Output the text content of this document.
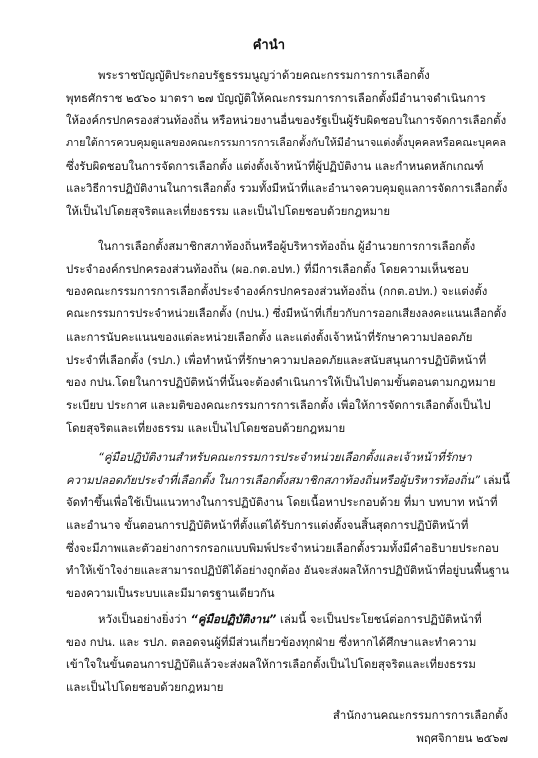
คำนำ
พระราชบัญญัติประกอบรัฐธรรมนูญว่าด้วยคณะกรรมการการเลือกตั้ง
พุทธศักราช ๒๕๖๐ มาตรา ๒๗ บัญญัติให้คณะกรรมการการเลือกตั้งมีอำนาจดำเนินการ
ให้องค์กรปกครองส่วนท้องถิ่น หรือหน่วยงานอื่นของรัฐเป็นผู้รับผิดชอบในการจัดการเลือกตั้ง
ภายใต้การควบคุมดูแลของคณะกรรมการการเลือกตั้งกับให้มีอำนาจแต่งตั้งบุคคลหรือคณะบุคคล
ซึ่งรับผิดชอบในการจัดการเลือกตั้ง แต่งตั้งเจ้าหน้าที่ผู้ปฏิบัติงาน และกำหนดหลักเกณฑ์
และวิธีการปฏิบัติงานในการเลือกตั้ง รวมทั้งมีหน้าที่และอำนาจควบคุมดูแลการจัดการเลือกตั้ง
ให้เป็นไปโดยสุจริตและเที่ยงธรรม และเป็นไปโดยชอบด้วยกฎหมาย
ในการเลือกตั้งสมาชิกสภาท้องถิ่นหรือผู้บริหารท้องถิ่น ผู้อำนวยการการเลือกตั้ง
ประจำองค์กรปกครองส่วนท้องถิ่น (ผอ.กต.อปท.) ที่มีการเลือกตั้ง โดยความเห็นชอบ
ของคณะกรรมการการเลือกตั้งประจำองค์กรปกครองส่วนท้องถิ่น (กกต.อปท.) จะแต่งตั้ง
คณะกรรมการประจำหน่วยเลือกตั้ง (กปน.) ซึ่งมีหน้าที่เกี่ยวกับการออกเสียงลงคะแนนเลือกตั้ง
และการนับคะแนนของแต่ละหน่วยเลือกตั้ง และแต่งตั้งเจ้าหน้าที่รักษาความปลอดภัย
ประจำที่เลือกตั้ง (รปภ.) เพื่อทำหน้าที่รักษาความปลอดภัยและสนับสนุนการปฏิบัติหน้าที่
ของ กปน.โดยในการปฏิบัติหน้าที่นั้นจะต้องดำเนินการให้เป็นไปตามขั้นตอนตามกฎหมาย
ระเบียบ ประกาศ และมติของคณะกรรมการการเลือกตั้ง เพื่อให้การจัดการเลือกตั้งเป็นไป
โดยสุจริตและเที่ยงธรรม และเป็นไปโดยชอบด้วยกฎหมาย
“คู่มือปฏิบัติงานสำหรับคณะกรรมการประจำหน่วยเลือกตั้งและเจ้าหน้าที่รักษา
ความปลอดภัยประจำที่เลือกตั้ง ในการเลือกตั้งสมาชิกสภาท้องถิ่นหรือผู้บริหารท้องถิ่น” เล่มนี้
จัดทำขึ้นเพื่อใช้เป็นแนวทางในการปฏิบัติงาน โดยเนื้อหาประกอบด้วย ที่มา บทบาท หน้าที่
และอำนาจ ขั้นตอนการปฏิบัติหน้าที่ตั้งแต่ได้รับการแต่งตั้งจนสิ้นสุดการปฏิบัติหน้าที่
ซึ่งจะมีภาพและตัวอย่างการกรอกแบบพิมพ์ประจำหน่วยเลือกตั้งรวมทั้งมีคำอธิบายประกอบ
ทำให้เข้าใจง่ายและสามารถปฏิบัติได้อย่างถูกต้อง อันจะส่งผลให้การปฏิบัติหน้าที่อยู่บนพื้นฐาน
ของความเป็นระบบและมีมาตรฐานเดียวกัน
หวังเป็นอย่างยิ่งว่า “คู่มือปฏิบัติงาน” เล่มนี้ จะเป็นประโยชน์ต่อการปฏิบัติหน้าที่
ของ กปน. และ รปภ. ตลอดจนผู้ที่มีส่วนเกี่ยวข้องทุกฝ่าย ซึ่งหากได้ศึกษาและทำความ
เข้าใจในขั้นตอนการปฏิบัติแล้วจะส่งผลให้การเลือกตั้งเป็นไปโดยสุจริตและเที่ยงธรรม
และเป็นไปโดยชอบด้วยกฎหมาย
สำนักงานคณะกรรมการการเลือกตั้ง
พฤศจิกายน ๒๕๖๗
